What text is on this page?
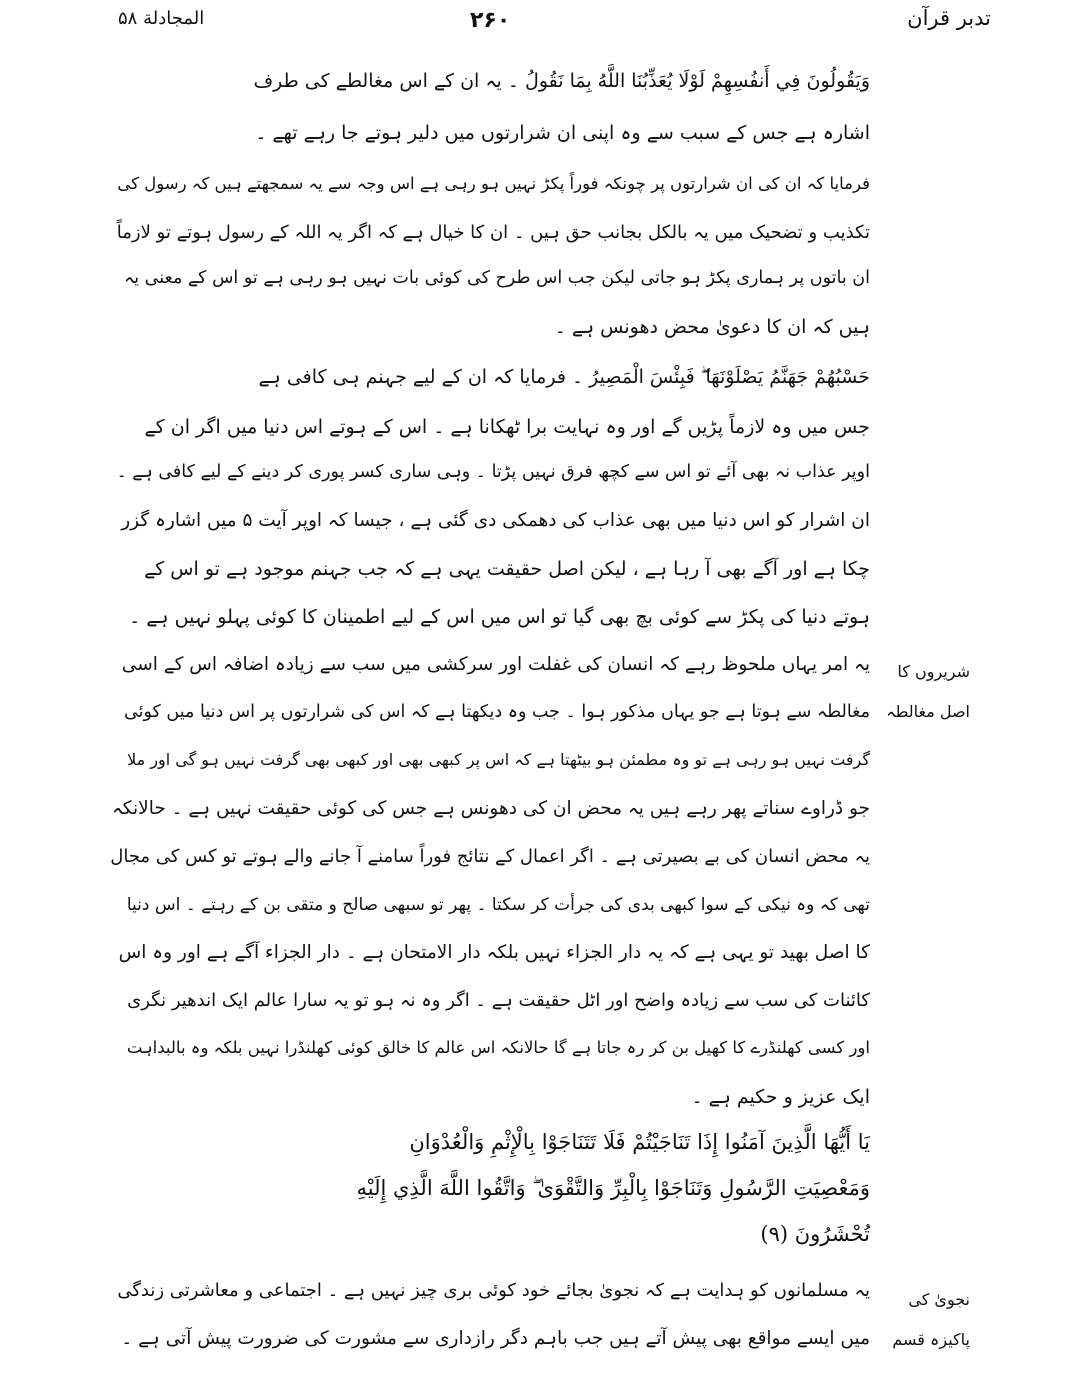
تدبر قرآن
۲۶۰
المجادلة ۵۸
وَيَقُولُونَ فِي أَنفُسِهِمْ لَوْلَا يُعَذِّبُنَا اللَّهُ بِمَا نَقُولُ ۔ یہ ان کے اس مغالطے کی طرف
اشارہ ہے جس کے سبب سے وہ اپنی ان شرارتوں میں دلیر ہوتے جا رہے تھے ۔
فرمایا کہ ان کی ان شرارتوں پر چونکہ فوراً پکڑ نہیں ہو رہی ہے اس وجہ سے یہ سمجھتے ہیں کہ رسول کی
تکذیب و تضحیک میں یہ بالکل بجانب حق ہیں ۔ ان کا خیال ہے کہ اگر یہ اللہ کے رسول ہوتے تو لازماً
ان باتوں پر ہماری پکڑ ہو جاتی لیکن جب اس طرح کی کوئی بات نہیں ہو رہی ہے تو اس کے معنی یہ
ہیں کہ ان کا دعویٰ محض دھونس ہے ۔
حَسْبُهُمْ جَهَنَّمُ يَصْلَوْنَهَا ۖ فَبِئْسَ الْمَصِيرُ ۔ فرمایا کہ ان کے لیے جہنم ہی کافی ہے
جس میں وہ لازماً پڑیں گے اور وہ نہایت برا ٹھکانا ہے ۔ اس کے ہوتے اس دنیا میں اگر ان کے
اوپر عذاب نہ بھی آئے تو اس سے کچھ فرق نہیں پڑتا ۔ وہی ساری کسر پوری کر دینے کے لیے کافی ہے ۔
ان اشرار کو اس دنیا میں بھی عذاب کی دھمکی دی گئی ہے ، جیسا کہ اوپر آیت ۵ میں اشارہ گزر
چکا ہے اور آگے بھی آ رہا ہے ، لیکن اصل حقیقت یہی ہے کہ جب جہنم موجود ہے تو اس کے
ہوتے دنیا کی پکڑ سے کوئی بچ بھی گیا تو اس میں اس کے لیے اطمینان کا کوئی پہلو نہیں ہے ۔
یہ امر یہاں ملحوظ رہے کہ انسان کی غفلت اور سرکشی میں سب سے زیادہ اضافہ اس کے اسی
مغالطہ سے ہوتا ہے جو یہاں مذکور ہوا ۔ جب وہ دیکھتا ہے کہ اس کی شرارتوں پر اس دنیا میں کوئی
گرفت نہیں ہو رہی ہے تو وہ مطمئن ہو بیٹھتا ہے کہ اس پر کبھی بھی اور کبھی بھی گرفت نہیں ہو گی اور ملا
جو ڈراوے سناتے پھر رہے ہیں یہ محض ان کی دھونس ہے جس کی کوئی حقیقت نہیں ہے ۔ حالانکہ
یہ محض انسان کی بے بصیرتی ہے ۔ اگر اعمال کے نتائج فوراً سامنے آ جانے والے ہوتے تو کس کی مجال
تھی کہ وہ نیکی کے سوا کبھی بدی کی جرأت کر سکتا ۔ پھر تو سبھی صالح و متقی بن کے رہتے ۔ اس دنیا
کا اصل بھید تو یہی ہے کہ یہ دار الجزاء نہیں بلکہ دار الامتحان ہے ۔ دار الجزاء آگے ہے اور وہ اس
کائنات کی سب سے زیادہ واضح اور اٹل حقیقت ہے ۔ اگر وہ نہ ہو تو یہ سارا عالم ایک اندھیر نگری
اور کسی کھلنڈرے کا کھیل بن کر رہ جاتا ہے گا حالانکہ اس عالم کا خالق کوئی کھلنڈرا نہیں بلکہ وہ بالبداہت
ایک عزیز و حکیم ہے ۔
يَا أَيُّهَا الَّذِينَ آمَنُوا إِذَا تَنَاجَيْتُمْ فَلَا تَتَنَاجَوْا بِالْإِثْمِ وَالْعُدْوَانِ
وَمَعْصِيَتِ الرَّسُولِ وَتَنَاجَوْا بِالْبِرِّ وَالتَّقْوَىٰ ۖ وَاتَّقُوا اللَّهَ الَّذِي إِلَيْهِ
تُحْشَرُونَ (٩)
یہ مسلمانوں کو ہدایت ہے کہ نجویٰ بجائے خود کوئی بری چیز نہیں ہے ۔ اجتماعی و معاشرتی زندگی
میں ایسے مواقع بھی پیش آتے ہیں جب باہم دگر رازداری سے مشورت کی ضرورت پیش آتی ہے ۔
شریروں کا
اصل مغالطہ
نجویٰ کی
پاکیزہ قسم
